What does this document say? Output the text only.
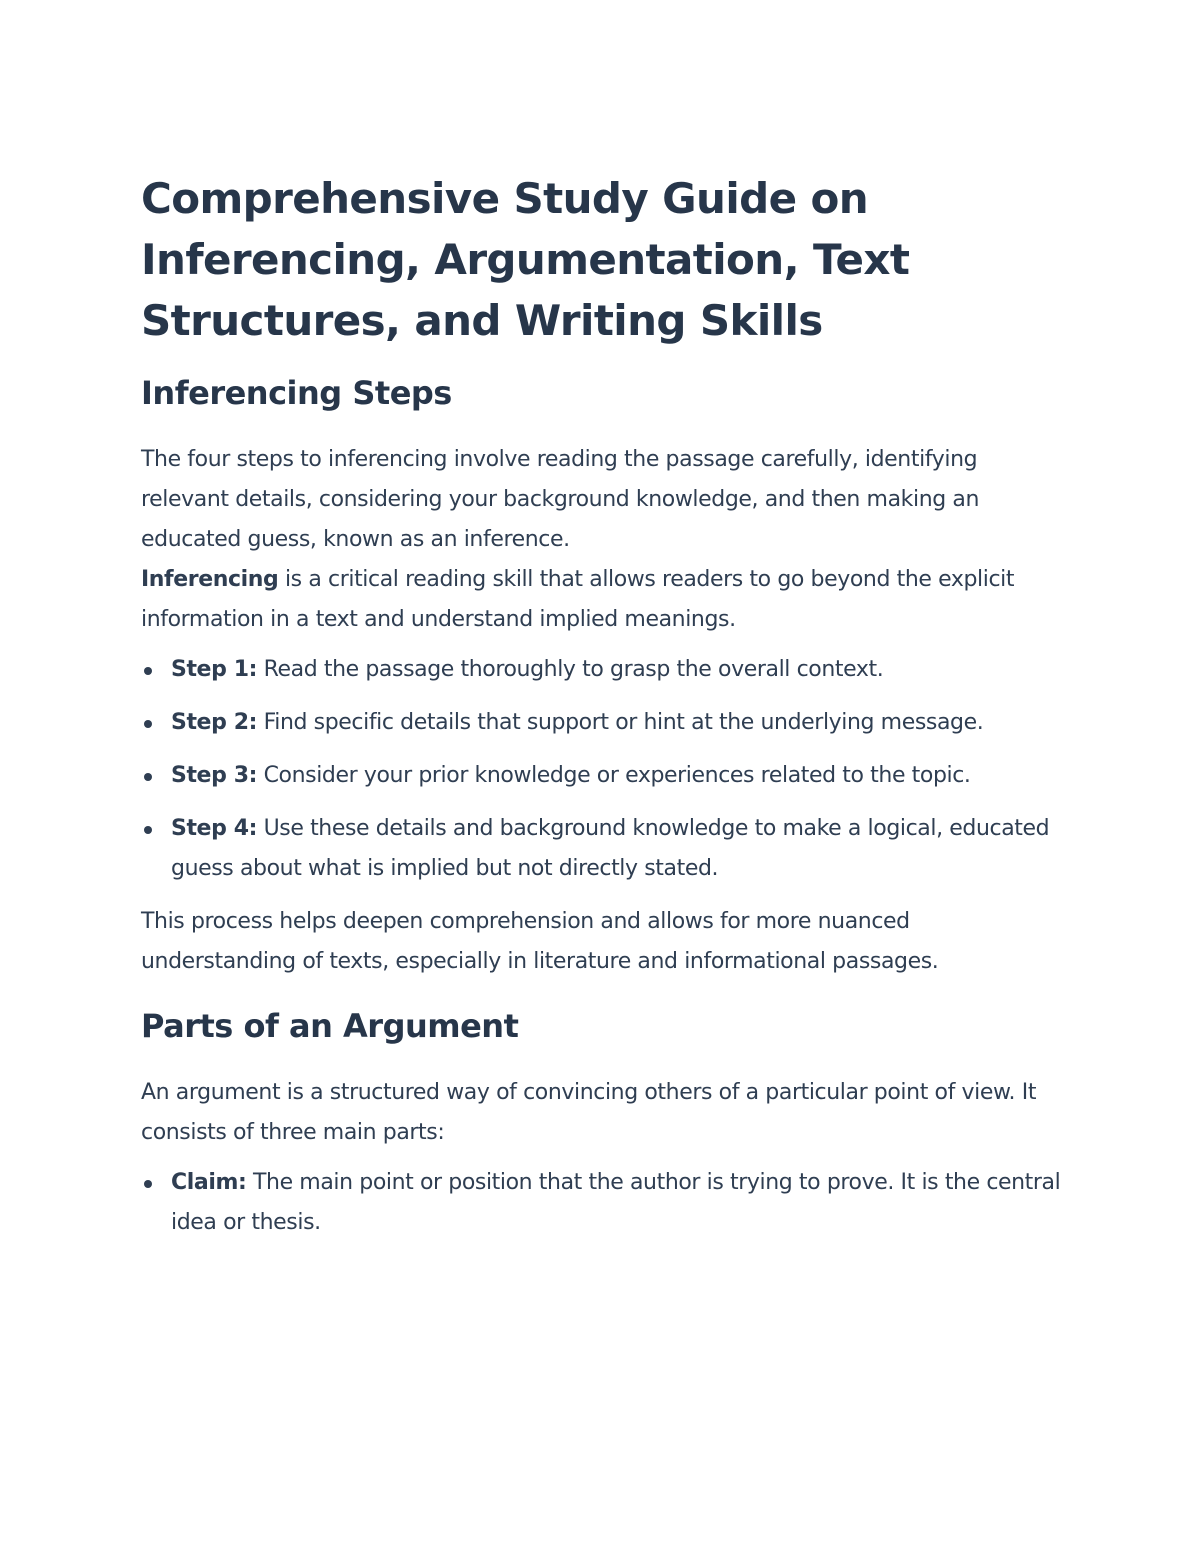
Comprehensive Study Guide on Inferencing, Argumentation, Text Structures, and Writing Skills
Inferencing Steps

The four steps to inferencing involve reading the passage carefully, identifying relevant details, considering your background knowledge, and then making an educated guess, known as an inference.
Inferencing is a critical reading skill that allows readers to go beyond the explicit information in a text and understand implied meanings.

Step 1: Read the passage thoroughly to grasp the overall context.
Step 2: Find specific details that support or hint at the underlying message.
Step 3: Consider your prior knowledge or experiences related to the topic.
Step 4: Use these details and background knowledge to make a logical, educated guess about what is implied but not directly stated.

This process helps deepen comprehension and allows for more nuanced understanding of texts, especially in literature and informational passages.

Parts of an Argument

An argument is a structured way of convincing others of a particular point of view. It consists of three main parts:

Claim: The main point or position that the author is trying to prove. It is the central idea or thesis.
